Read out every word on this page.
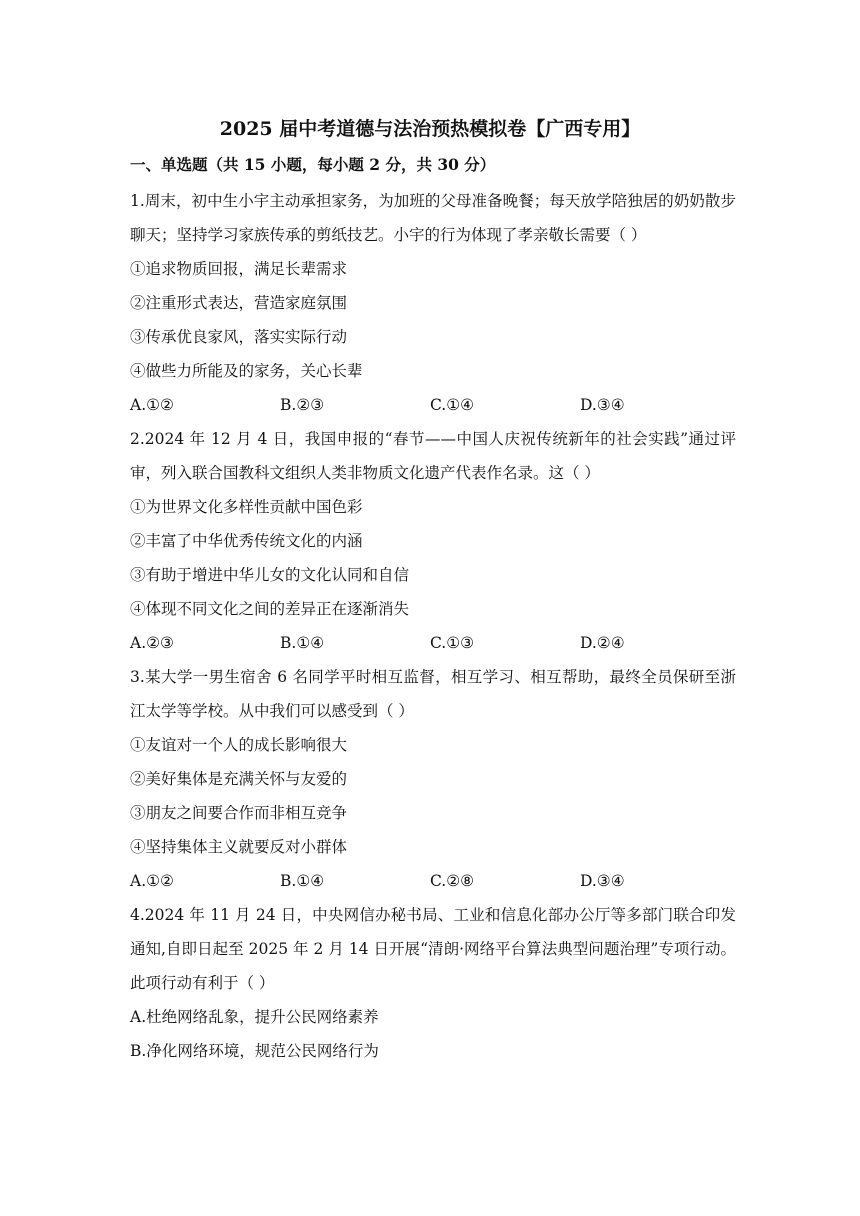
2025 届中考道德与法治预热模拟卷【广西专用】
一、单选题（共 15 小题，每小题 2 分，共 30 分）

1.周末，初中生小宇主动承担家务，为加班的父母准备晚餐；每天放学陪独居的奶奶散步聊天；坚持学习家族传承的剪纸技艺。小宇的行为体现了孝亲敬长需要（ ）

①追求物质回报，满足长辈需求

②注重形式表达，营造家庭氛围

③传承优良家风，落实实际行动

④做些力所能及的家务，关心长辈

A.①②	B.②③	C.①④	D.③④

2.2024 年 12 月 4 日，我国申报的“春节——中国人庆祝传统新年的社会实践”通过评审，列入联合国教科文组织人类非物质文化遗产代表作名录。这（ ）

①为世界文化多样性贡献中国色彩

②丰富了中华优秀传统文化的内涵

③有助于增进中华儿女的文化认同和自信

④体现不同文化之间的差异正在逐渐消失

A.②③	B.①④	C.①③	D.②④

3.某大学一男生宿舍 6 名同学平时相互监督，相互学习、相互帮助，最终全员保研至浙江太学等学校。从中我们可以感受到（ ）

①友谊对一个人的成长影响很大

②美好集体是充满关怀与友爱的

③朋友之间要合作而非相互竞争

④坚持集体主义就要反对小群体

A.①②	B.①④	C.②⑧	D.③④

4.2024 年 11 月 24 日，中央网信办秘书局、工业和信息化部办公厅等多部门联合印发通知,自即日起至 2025 年 2 月 14 日开展“清朗·网络平台算法典型问题治理”专项行动。此项行动有利于（ ）

A.杜绝网络乱象，提升公民网络素养

B.净化网络环境，规范公民网络行为
